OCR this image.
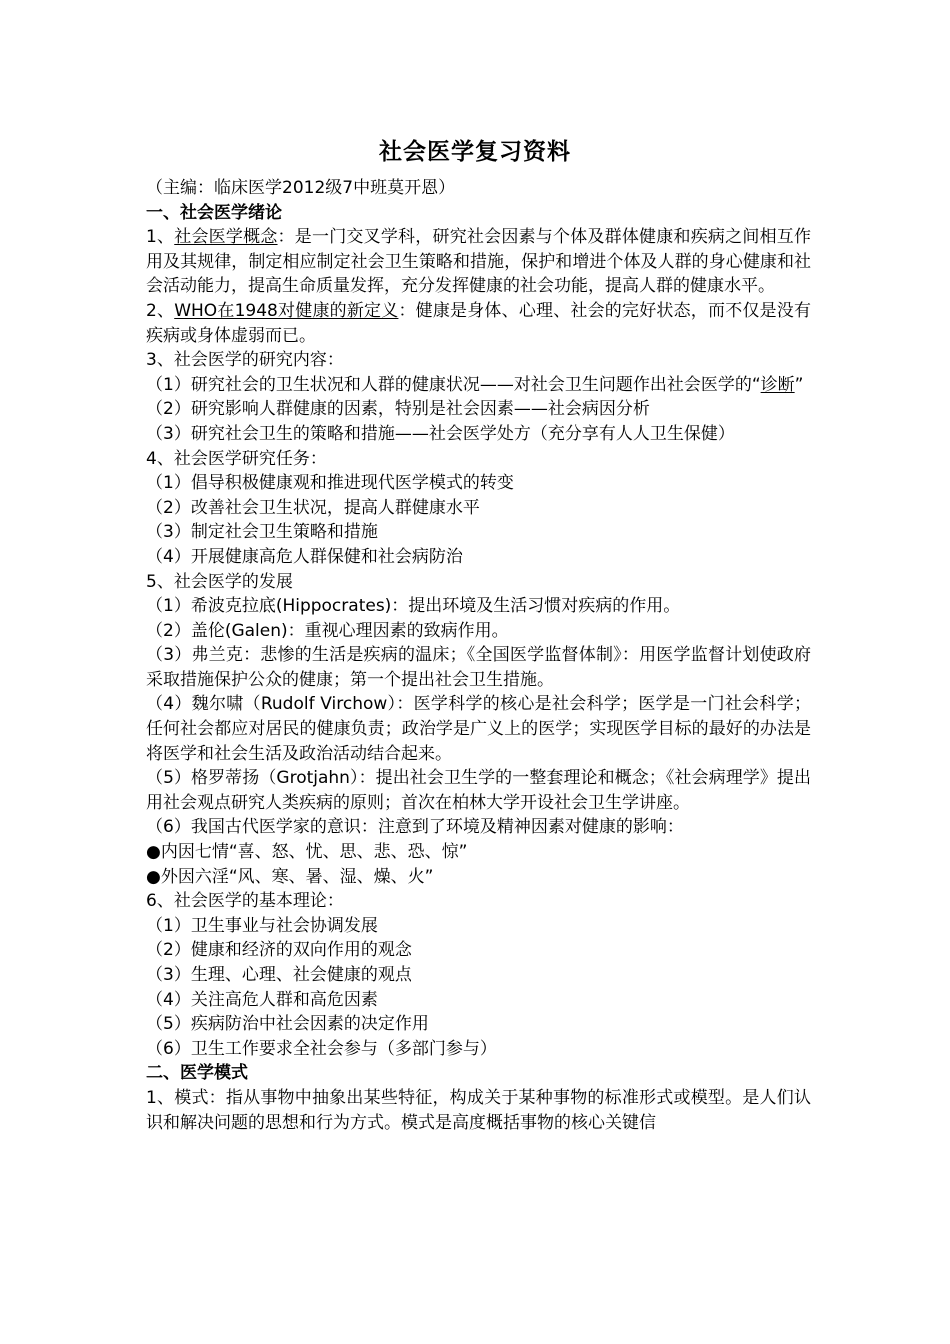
社会医学复习资料

（主编：临床医学2012级7中班莫开恩）

一、社会医学绪论

1、社会医学概念：是一门交叉学科，研究社会因素与个体及群体健康和疾病之间相互作用及其规律，制定相应制定社会卫生策略和措施，保护和增进个体及人群的身心健康和社会活动能力，提高生命质量发挥，充分发挥健康的社会功能，提高人群的健康水平。

2、WHO在1948对健康的新定义：健康是身体、心理、社会的完好状态，而不仅是没有疾病或身体虚弱而已。

3、社会医学的研究内容：

（1）研究社会的卫生状况和人群的健康状况——对社会卫生问题作出社会医学的“诊断”

（2）研究影响人群健康的因素，特别是社会因素——社会病因分析

（3）研究社会卫生的策略和措施——社会医学处方（充分享有人人卫生保健）

4、社会医学研究任务：

（1）倡导积极健康观和推进现代医学模式的转变

（2）改善社会卫生状况，提高人群健康水平

（3）制定社会卫生策略和措施

（4）开展健康高危人群保健和社会病防治

5、社会医学的发展

（1）希波克拉底(Hippocrates)：提出环境及生活习惯对疾病的作用。

（2）盖伦(Galen)：重视心理因素的致病作用。

（3）弗兰克：悲惨的生活是疾病的温床；《全国医学监督体制》：用医学监督计划使政府采取措施保护公众的健康；第一个提出社会卫生措施。

（4）魏尔啸（Rudolf Virchow）：医学科学的核心是社会科学；医学是一门社会科学；任何社会都应对居民的健康负责；政治学是广义上的医学；实现医学目标的最好的办法是将医学和社会生活及政治活动结合起来。

（5）格罗蒂扬（Grotjahn）：提出社会卫生学的一整套理论和概念；《社会病理学》提出用社会观点研究人类疾病的原则；首次在柏林大学开设社会卫生学讲座。

（6）我国古代医学家的意识：注意到了环境及精神因素对健康的影响：

●内因七情“喜、怒、忧、思、悲、恐、惊”

●外因六淫“风、寒、暑、湿、燥、火”

6、社会医学的基本理论：

（1）卫生事业与社会协调发展

（2）健康和经济的双向作用的观念

（3）生理、心理、社会健康的观点

（4）关注高危人群和高危因素

（5）疾病防治中社会因素的决定作用

（6）卫生工作要求全社会参与（多部门参与）

二、医学模式

1、模式：指从事物中抽象出某些特征，构成关于某种事物的标准形式或模型。是人们认识和解决问题的思想和行为方式。模式是高度概括事物的核心关键信
